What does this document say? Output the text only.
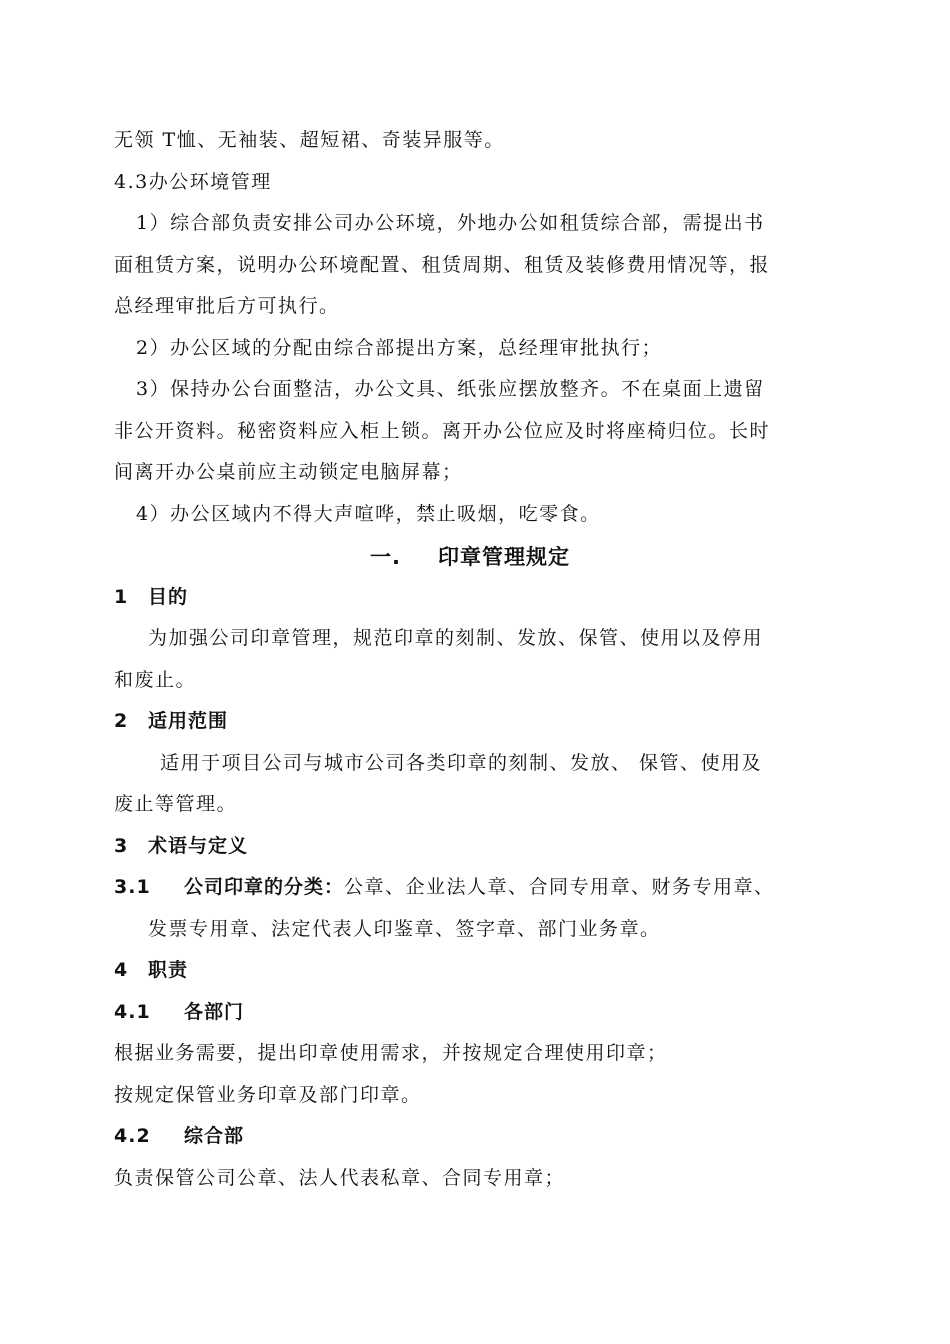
无领 T恤、无袖装、超短裙、奇装异服等。
4.3办公环境管理
1）综合部负责安排公司办公环境，外地办公如租赁综合部，需提出书
面租赁方案，说明办公环境配置、租赁周期、租赁及装修费用情况等，报
总经理审批后方可执行。
2）办公区域的分配由综合部提出方案，总经理审批执行；
3）保持办公台面整洁，办公文具、纸张应摆放整齐。不在桌面上遗留
非公开资料。秘密资料应入柜上锁。离开办公位应及时将座椅归位。长时
间离开办公桌前应主动锁定电脑屏幕；
4）办公区域内不得大声喧哗，禁止吸烟，吃零食。
一. 印章管理规定
1 目的
为加强公司印章管理，规范印章的刻制、发放、保管、使用以及停用
和废止。
2 适用范围
适用于项目公司与城市公司各类印章的刻制、发放、 保管、使用及
废止等管理。
3 术语与定义
3.1 公司印章的分类：公章、企业法人章、合同专用章、财务专用章、
发票专用章、法定代表人印鉴章、签字章、部门业务章。
4 职责
4.1 各部门
根据业务需要，提出印章使用需求，并按规定合理使用印章；
按规定保管业务印章及部门印章。
4.2 综合部
负责保管公司公章、法人代表私章、合同专用章；
